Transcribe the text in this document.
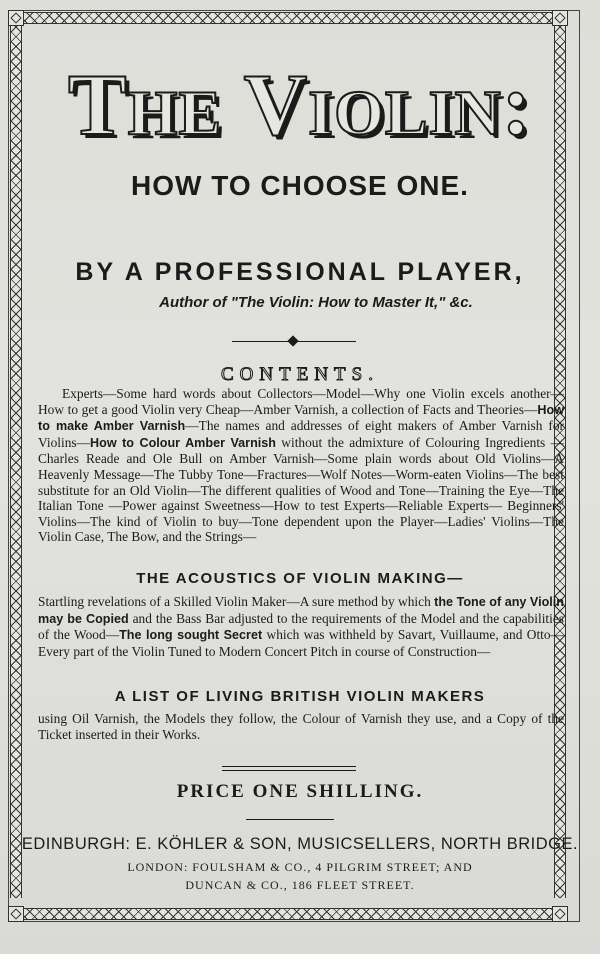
THE VIOLIN:
HOW TO CHOOSE ONE.
BY A PROFESSIONAL PLAYER,
Author of "The Violin: How to Master It," &c.
CONTENTS.
Experts—Some hard words about Collectors—Model—Why one Violin excels another—How to get a good Violin very Cheap—Amber Varnish, a collection of Facts and Theories—How to make Amber Varnish—The names and addresses of eight makers of Amber Varnish for Violins—How to Colour Amber Varnish without the admixture of Colouring Ingredients —Charles Reade and Ole Bull on Amber Varnish—Some plain words about Old Violins—A Heavenly Message—The Tubby Tone—Fractures—Wolf Notes—Worm-eaten Violins—The best substitute for an Old Violin—The different qualities of Wood and Tone—Training the Eye—The Italian Tone —Power against Sweetness—How to test Experts—Reliable Experts— Beginners' Violins—The kind of Violin to buy—Tone dependent upon the Player—Ladies' Violins—The Violin Case, The Bow, and the Strings—
THE ACOUSTICS OF VIOLIN MAKING—
Startling revelations of a Skilled Violin Maker—A sure method by which the Tone of any Violin may be Copied and the Bass Bar adjusted to the requirements of the Model and the capabilities of the Wood—The long sought Secret which was withheld by Savart, Vuillaume, and Otto—Every part of the Violin Tuned to Modern Concert Pitch in course of Construction—
A LIST OF LIVING BRITISH VIOLIN MAKERS
using Oil Varnish, the Models they follow, the Colour of Varnish they use, and a Copy of the Ticket inserted in their Works.
PRICE ONE SHILLING.
EDINBURGH: E. KÖHLER & SON, MUSICSELLERS, NORTH BRIDGE.
LONDON: FOULSHAM & CO., 4 PILGRIM STREET; AND
DUNCAN & CO., 186 FLEET STREET.
